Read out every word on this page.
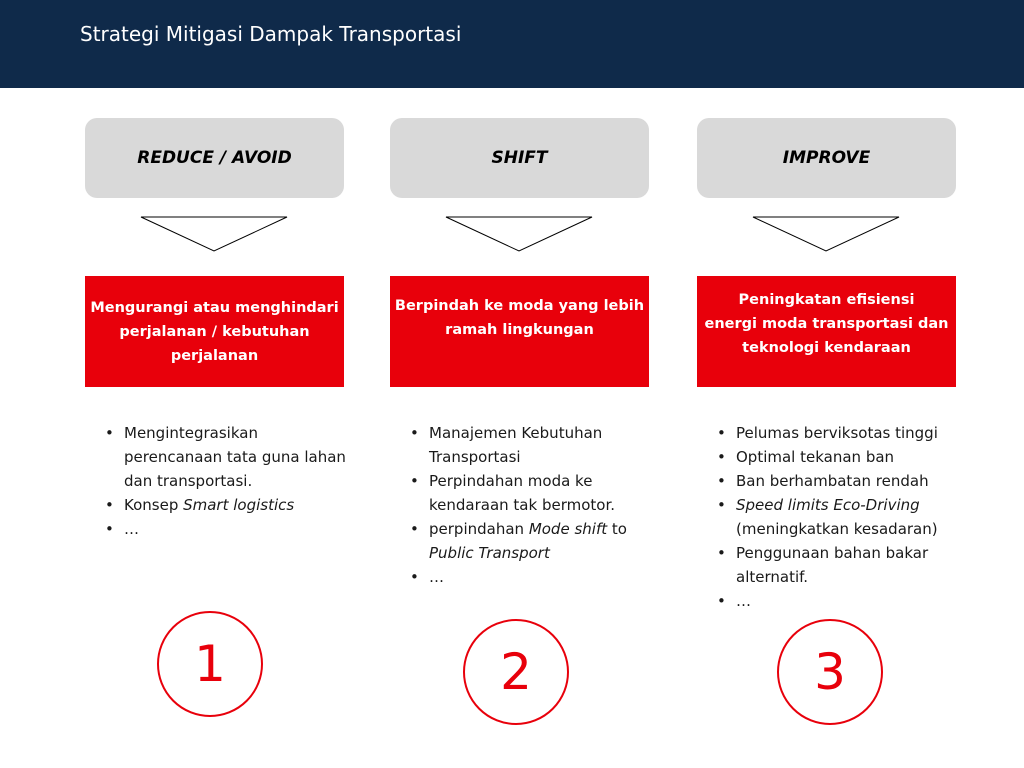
Strategi Mitigasi Dampak Transportasi
REDUCE / AVOID
Mengurangi atau menghindari
perjalanan / kebutuhan
perjalanan
• Mengintegrasikan perencanaan tata guna lahan dan transportasi.
• Konsep Smart logistics
• …
1
SHIFT
Berpindah ke moda yang lebih
ramah lingkungan
• Manajemen Kebutuhan Transportasi
• Perpindahan moda ke kendaraan tak bermotor.
• perpindahan Mode shift to Public Transport
• …
2
IMPROVE
Peningkatan efisiensi
energi moda transportasi dan
teknologi kendaraan
• Pelumas berviksotas tinggi
• Optimal tekanan ban
• Ban berhambatan rendah
• Speed limits Eco-Driving (meningkatkan kesadaran)
• Penggunaan bahan bakar alternatif.
• …
3
